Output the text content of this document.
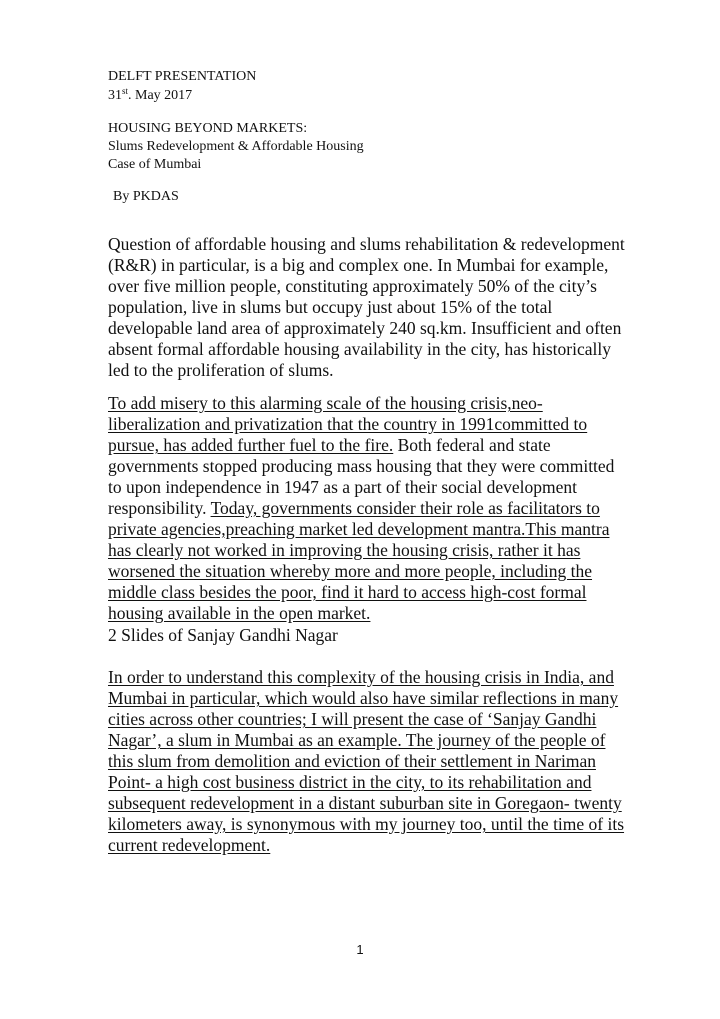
DELFT PRESENTATION

31st. May 2017

HOUSING BEYOND MARKETS:

Slums Redevelopment & Affordable Housing

Case of Mumbai

By PKDAS

Question of affordable housing and slums rehabilitation & redevelopment
(R&R) in particular, is a big and complex one. In Mumbai for example,
over five million people, constituting approximately 50% of the city’s
population, live in slums but occupy just about 15% of the total
developable land area of approximately 240 sq.km. Insufficient and often
absent formal affordable housing availability in the city, has historically
led to the proliferation of slums.
To add misery to this alarming scale of the housing crisis,neo-
liberalization and privatization that the country in 1991committed to
pursue, has added further fuel to the fire. Both federal and state
governments stopped producing mass housing that they were committed
to upon independence in 1947 as a part of their social development
responsibility. Today, governments consider their role as facilitators to
private agencies,preaching market led development mantra.This mantra
has clearly not worked in improving the housing crisis, rather it has
worsened the situation whereby more and more people, including the
middle class besides the poor, find it hard to access high-cost formal
housing available in the open market.

2 Slides of Sanjay Gandhi Nagar

In order to understand this complexity of the housing crisis in India, and
Mumbai in particular, which would also have similar reflections in many
cities across other countries; I will present the case of ‘Sanjay Gandhi
Nagar’, a slum in Mumbai as an example. The journey of the people of
this slum from demolition and eviction of their settlement in Nariman
Point- a high cost business district in the city, to its rehabilitation and
subsequent redevelopment in a distant suburban site in Goregaon- twenty
kilometers away, is synonymous with my journey too, until the time of its
current redevelopment.
1
